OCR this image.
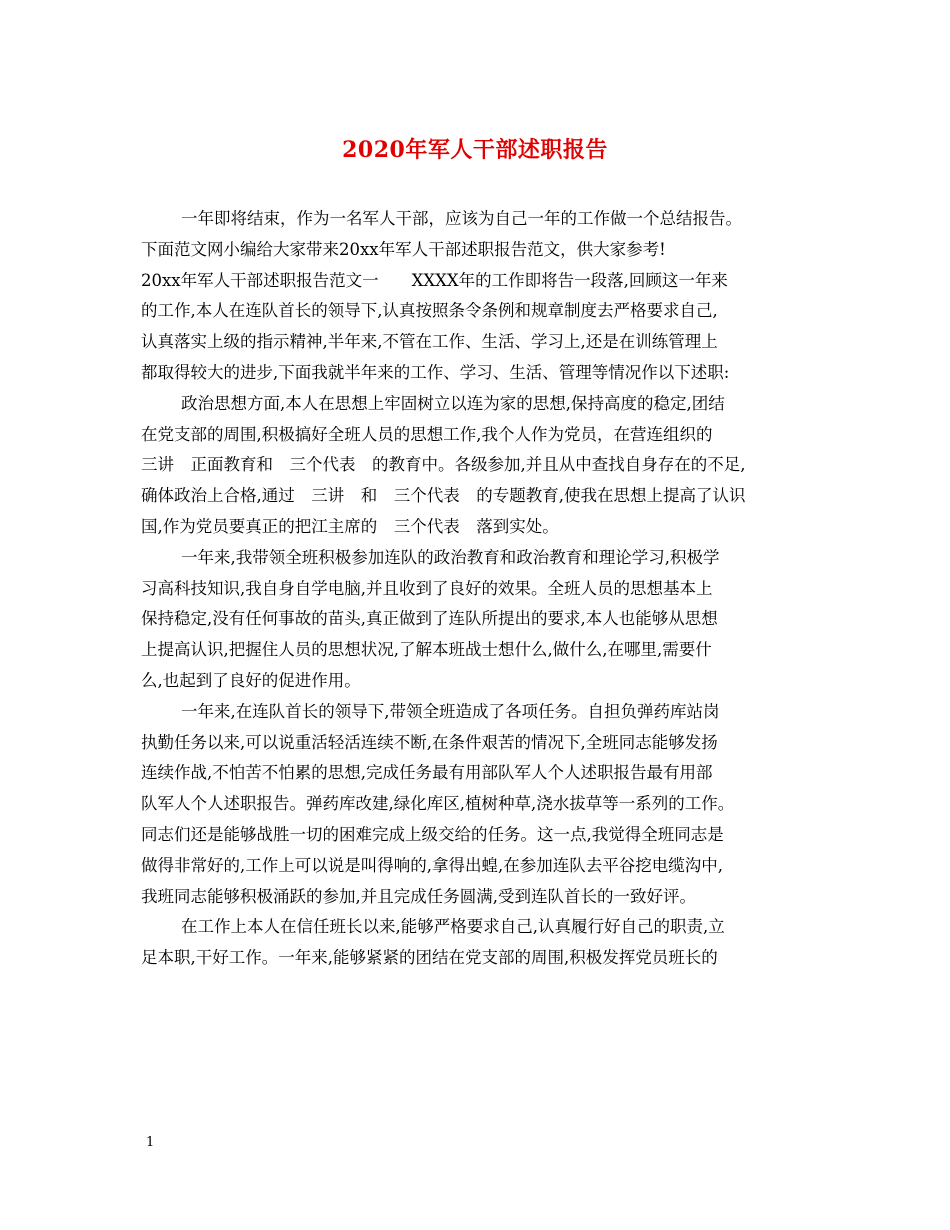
2020年军人干部述职报告
一年即将结束，作为一名军人干部，应该为自己一年的工作做一个总结报告。
下面范文网小编给大家带来20xx年军人干部述职报告范文，供大家参考!
20xx年军人干部述职报告范文一　　XXXX年的工作即将告一段落,回顾这一年来
的工作,本人在连队首长的领导下,认真按照条令条例和规章制度去严格要求自己,
认真落实上级的指示精神,半年来,不管在工作、生活、学习上,还是在训练管理上
都取得较大的进步,下面我就半年来的工作、学习、生活、管理等情况作以下述职:
政治思想方面,本人在思想上牢固树立以连为家的思想,保持高度的稳定,团结
在党支部的周围,积极搞好全班人员的思想工作,我个人作为党员，在营连组织的
三讲　正面教育和　三个代表　的教育中。各级参加,并且从中查找自身存在的不足,
确体政治上合格,通过　三讲　和　三个代表　的专题教育,使我在思想上提高了认识
国,作为党员要真正的把江主席的　三个代表　落到实处。
一年来,我带领全班积极参加连队的政治教育和政治教育和理论学习,积极学
习高科技知识,我自身自学电脑,并且收到了良好的效果。全班人员的思想基本上
保持稳定,没有任何事故的苗头,真正做到了连队所提出的要求,本人也能够从思想
上提高认识,把握住人员的思想状况,了解本班战士想什么,做什么,在哪里,需要什
么,也起到了良好的促进作用。
一年来,在连队首长的领导下,带领全班造成了各项任务。自担负弹药库站岗
执勤任务以来,可以说重活轻活连续不断,在条件艰苦的情况下,全班同志能够发扬
连续作战,不怕苦不怕累的思想,完成任务最有用部队军人个人述职报告最有用部
队军人个人述职报告。弹药库改建,绿化库区,植树种草,浇水拔草等一系列的工作。
同志们还是能够战胜一切的困难完成上级交给的任务。这一点,我觉得全班同志是
做得非常好的,工作上可以说是叫得响的,拿得出蝗,在参加连队去平谷挖电缆沟中,
我班同志能够积极涌跃的参加,并且完成任务圆满,受到连队首长的一致好评。
在工作上本人在信任班长以来,能够严格要求自己,认真履行好自己的职责,立
足本职,干好工作。一年来,能够紧紧的团结在党支部的周围,积极发挥党员班长的
1
